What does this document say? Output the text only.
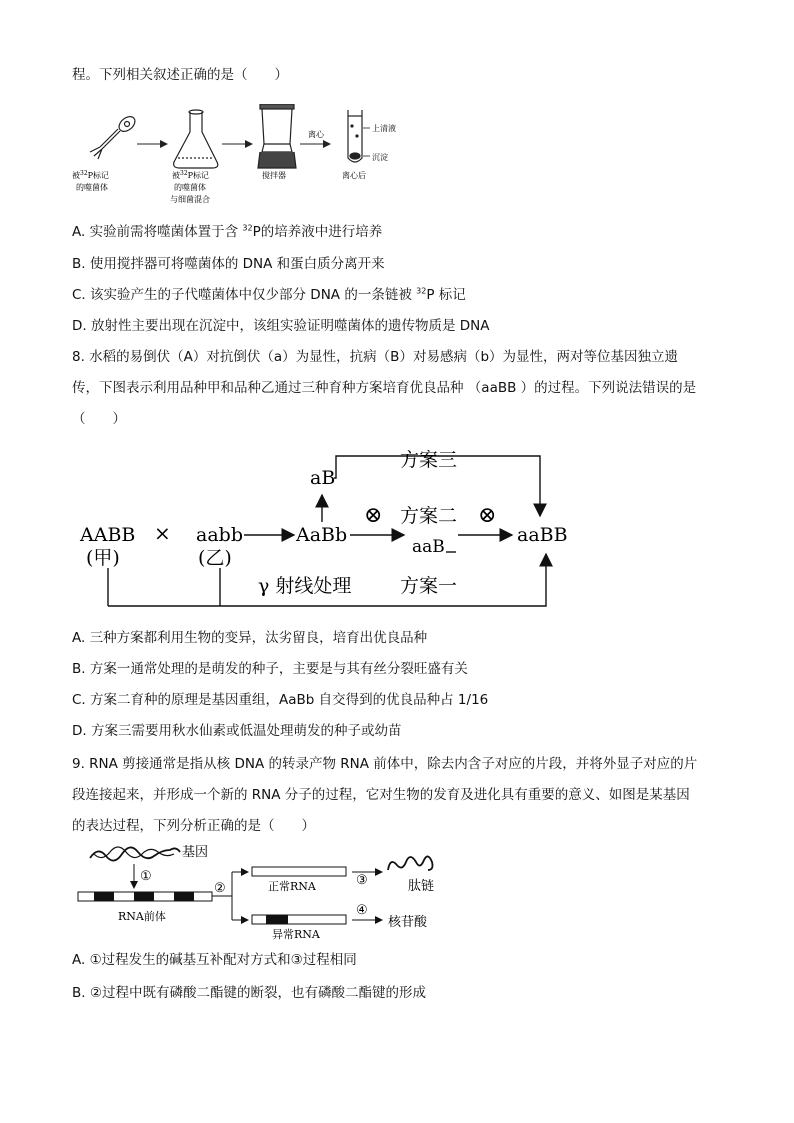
程。下列相关叙述正确的是（　　）
离心
上清液
沉淀
被$^{32}$P标记
的噬菌体
被$^{32}$P标记
的噬菌体
与细菌混合
搅拌器	离心后
A. 实验前需将噬菌体置于含 $^{32}$P的培养液中进行培养
B. 使用搅拌器可将噬菌体的 DNA 和蛋白质分离开来
C. 该实验产生的子代噬菌体中仅少部分 DNA 的一条链被 $^{32}$P 标记
D. 放射性主要出现在沉淀中，该组实验证明噬菌体的遗传物质是 DNA
8. 水稻的易倒伏（A）对抗倒伏（a）为显性，抗病（B）对易感病（b）为显性，两对等位基因独立遗
传，下图表示利用品种甲和品种乙通过三种育种方案培育优良品种 （aaBB ）的过程。下列说法错误的是
（　　）
AABB
(甲)
× aabb
(乙)
AaBb
aB
方案三
⊗ 方案二 ⊗
aaB
aaBB
γ 射线处理	方案一
A. 三种方案都利用生物的变异，汰劣留良，培育出优良品种
B. 方案一通常处理的是萌发的种子，主要是与其有丝分裂旺盛有关
C. 方案二育种的原理是基因重组，AaBb 自交得到的优良品种占 1/16
D. 方案三需要用秋水仙素或低温处理萌发的种子或幼苗
9. RNA 剪接通常是指从核 DNA 的转录产物 RNA 前体中，除去内含子对应的片段，并将外显子对应的片
段连接起来，并形成一个新的 RNA 分子的过程，它对生物的发育及进化具有重要的意义、如图是某基因
的表达过程，下列分析正确的是（　　）
基因
①
RNA前体
②	正常RNA
异常RNA
③
④
肽链
核苷酸
A. ①过程发生的碱基互补配对方式和③过程相同
B. ②过程中既有磷酸二酯键的断裂，也有磷酸二酯键的形成
